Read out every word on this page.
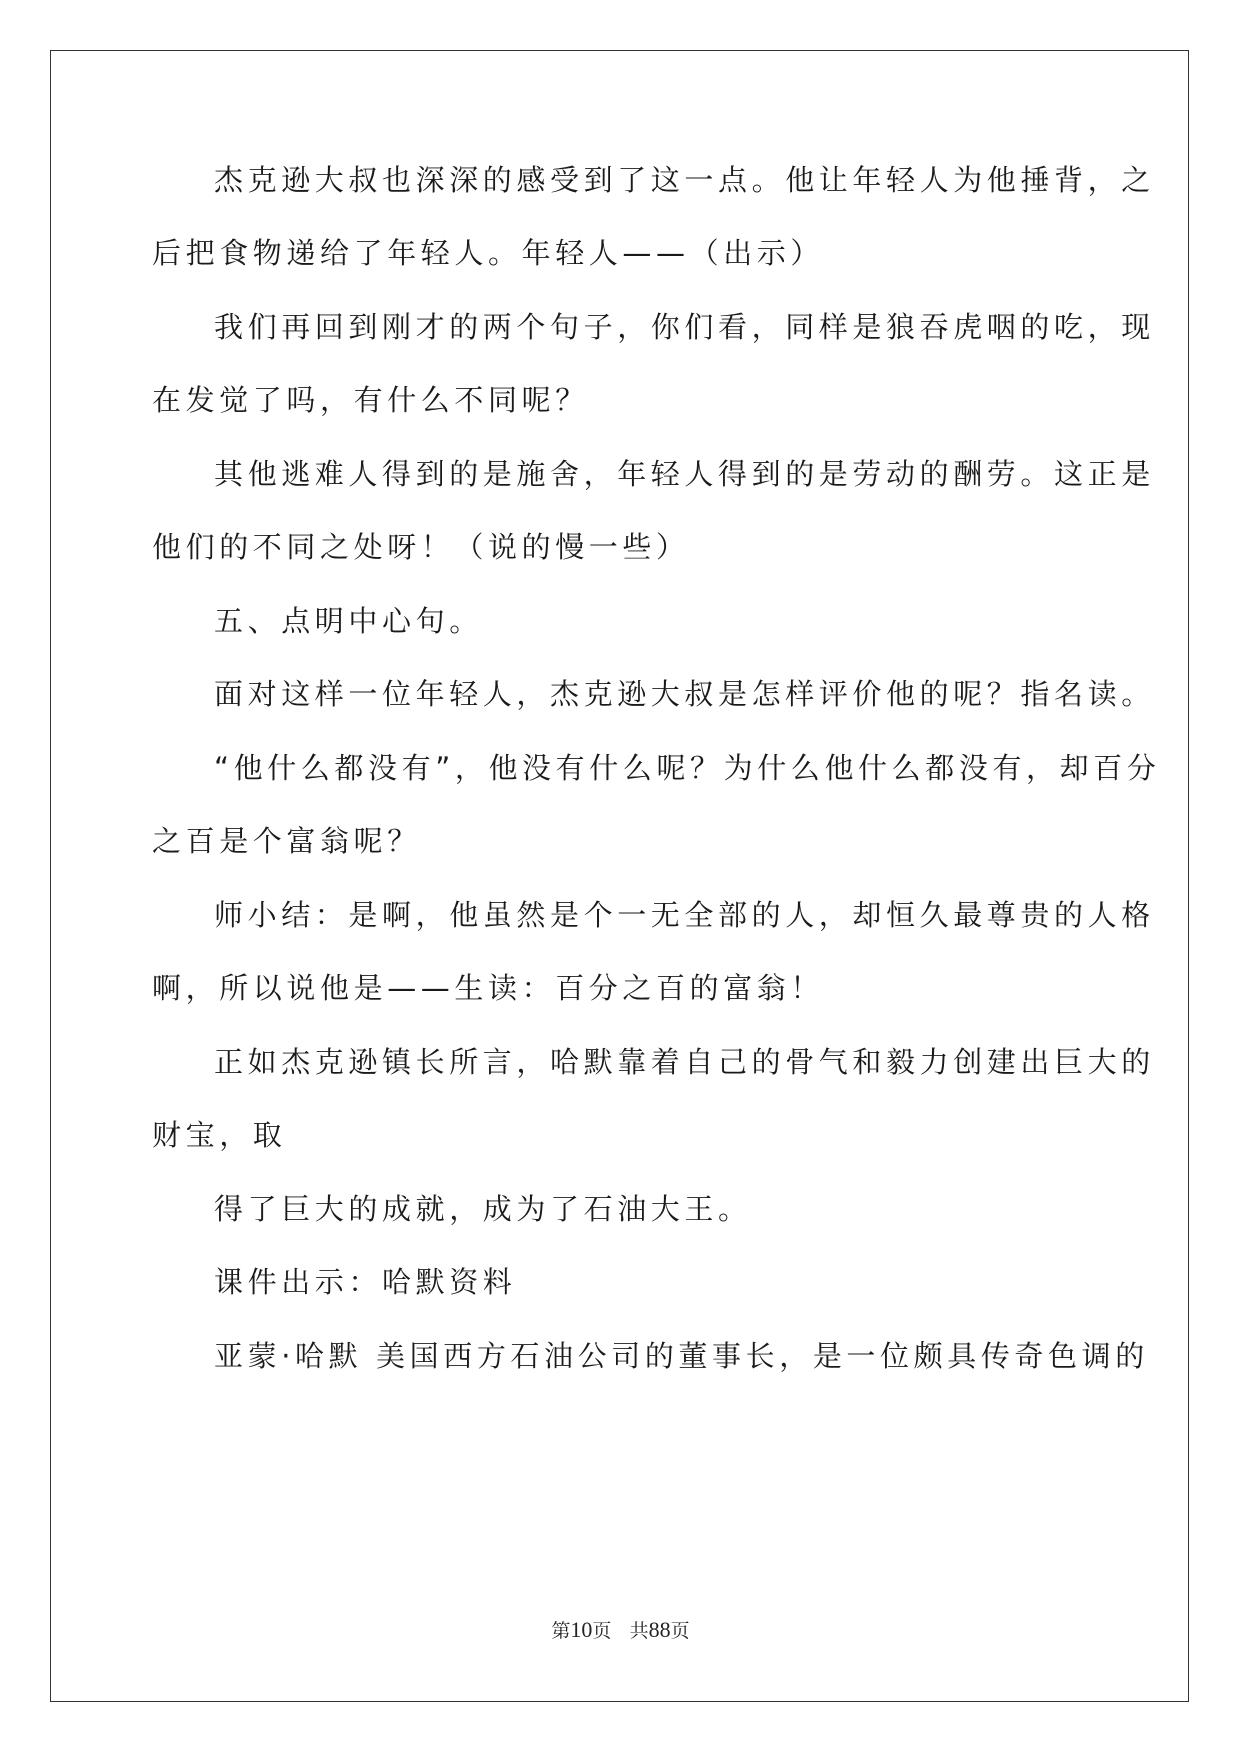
杰克逊大叔也深深的感受到了这一点。他让年轻人为他捶背，之
后把食物递给了年轻人。年轻人——（出示）
我们再回到刚才的两个句子，你们看，同样是狼吞虎咽的吃，现
在发觉了吗，有什么不同呢？
其他逃难人得到的是施舍，年轻人得到的是劳动的酬劳。这正是
他们的不同之处呀！（说的慢一些）
五、点明中心句。
面对这样一位年轻人，杰克逊大叔是怎样评价他的呢？指名读。
“他什么都没有”，他没有什么呢？为什么他什么都没有，却百分
之百是个富翁呢？
师小结：是啊，他虽然是个一无全部的人，却恒久最尊贵的人格
啊，所以说他是——生读：百分之百的富翁！
正如杰克逊镇长所言，哈默靠着自己的骨气和毅力创建出巨大的
财宝，取
得了巨大的成就，成为了石油大王。
课件出示：哈默资料
亚蒙·哈默 美国西方石油公司的董事长，是一位颇具传奇色调的
第10页 共88页
